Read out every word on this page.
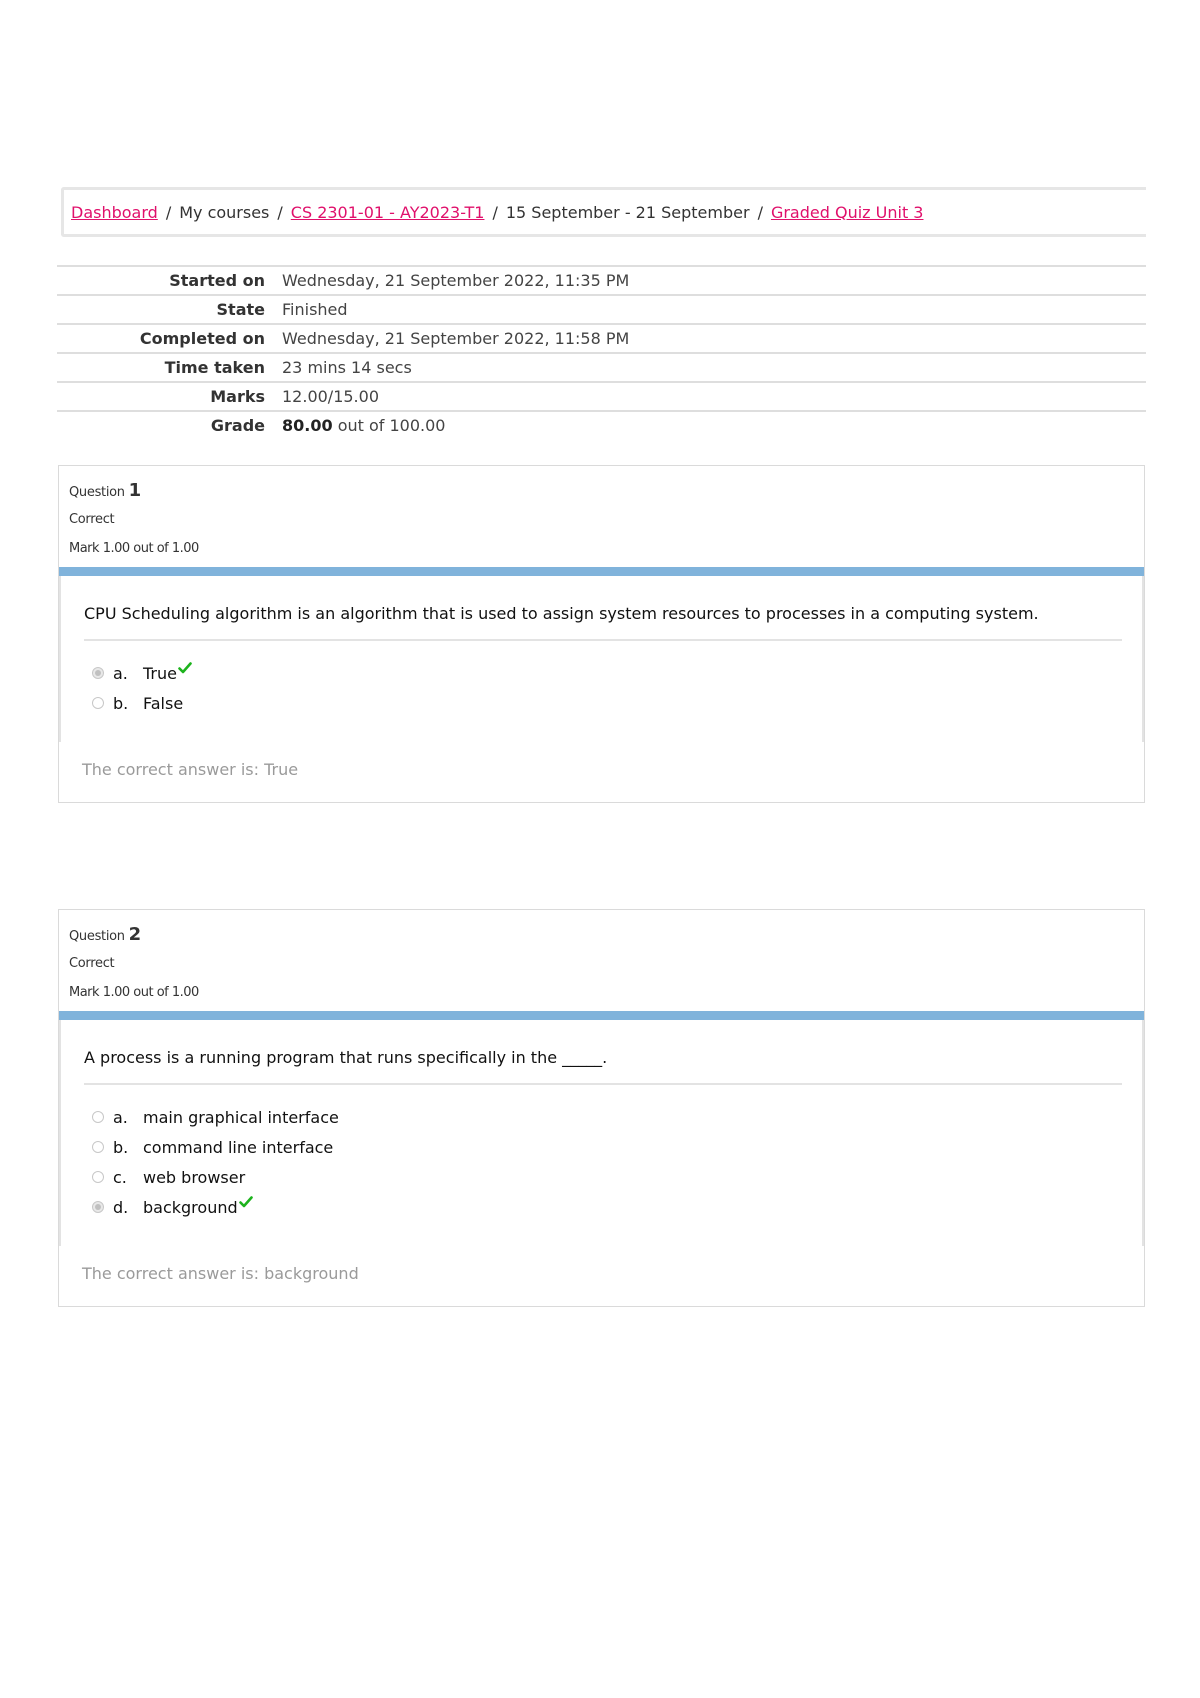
Dashboard / My courses / CS 2301-01 - AY2023-T1 / 15 September - 21 September / Graded Quiz Unit 3
Started on	Wednesday, 21 September 2022, 11:35 PM
State	Finished
Completed on	Wednesday, 21 September 2022, 11:58 PM
Time taken	23 mins 14 secs
Marks	12.00/15.00
Grade	80.00 out of 100.00
Question 1
Correct
Mark 1.00 out of 1.00
CPU Scheduling algorithm is an algorithm that is used to assign system resources to processes in a computing system.
a. True
b. False
The correct answer is: True
Question 2
Correct
Mark 1.00 out of 1.00
A process is a running program that runs specifically in the _____.
a. main graphical interface
b. command line interface
c.	web browser
d. background
The correct answer is: background
